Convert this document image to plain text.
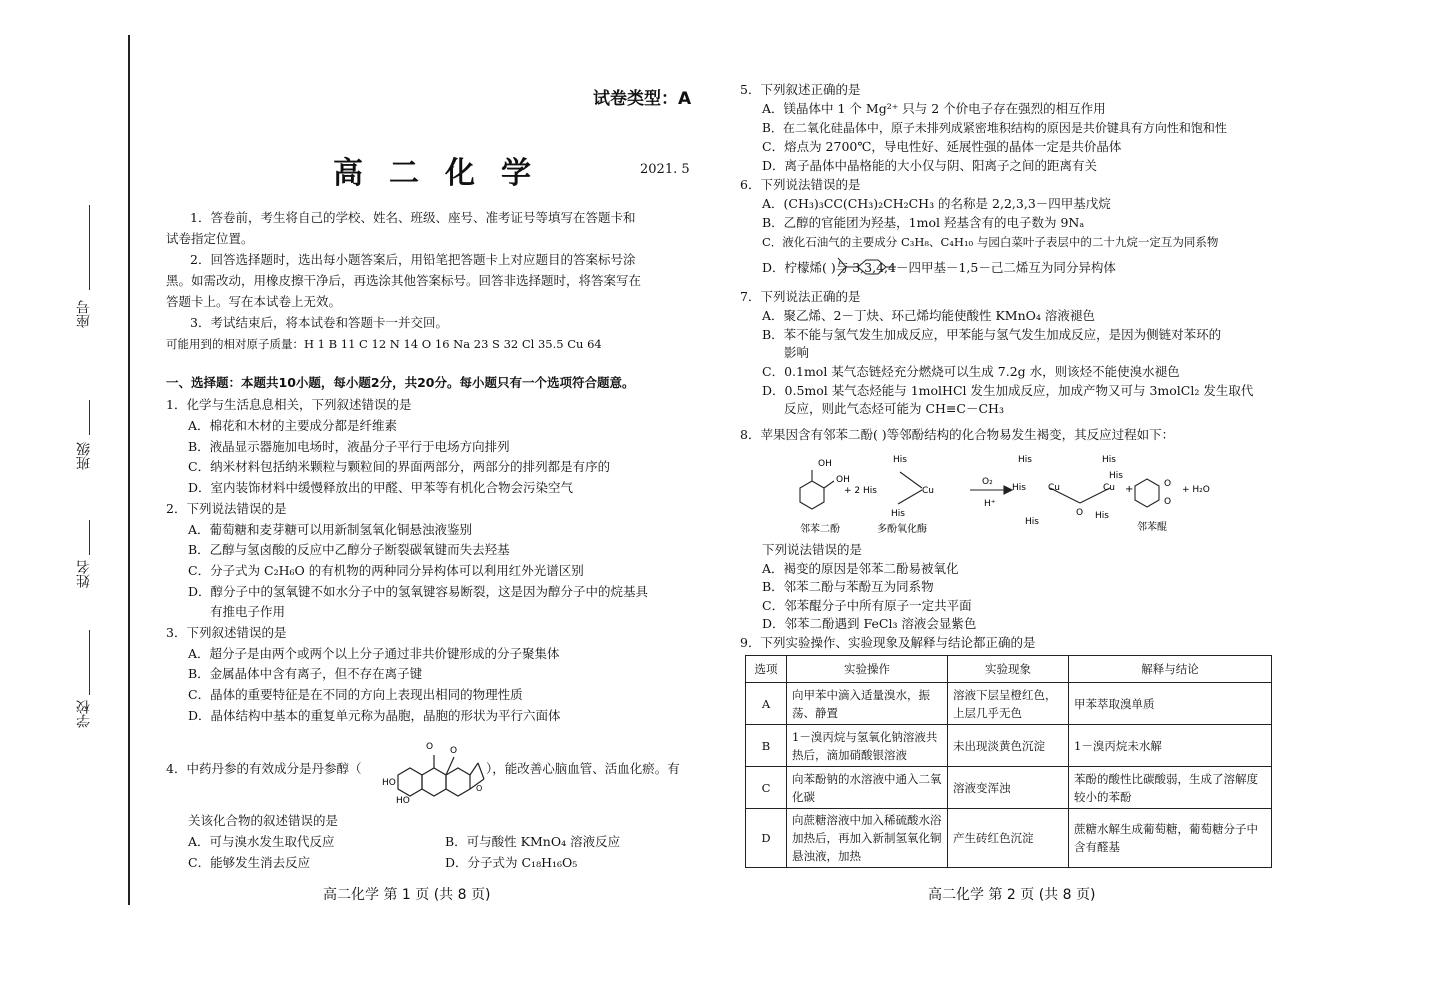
座号
班级
姓名
学校
试卷类型：A
高二化学	2021. 5
1．答卷前，考生将自己的学校、姓名、班级、座号、准考证号等填写在答题卡和
试卷指定位置。
2．回答选择题时，选出每小题答案后，用铅笔把答题卡上对应题目的答案标号涂
黑。如需改动，用橡皮擦干净后，再选涂其他答案标号。回答非选择题时，将答案写在
答题卡上。写在本试卷上无效。
3．考试结束后，将本试卷和答题卡一并交回。
可能用到的相对原子质量：H 1 B 11 C 12 N 14 O 16 Na 23 S 32 Cl 35.5 Cu 64
一、选择题：本题共10小题，每小题2分，共20分。每小题只有一个选项符合题意。
1．化学与生活息息相关，下列叙述错误的是
A．棉花和木材的主要成分都是纤维素
B．液晶显示器施加电场时，液晶分子平行于电场方向排列
C．纳米材料包括纳米颗粒与颗粒间的界面两部分，两部分的排列都是有序的
D．室内装饰材料中缓慢释放出的甲醛、甲苯等有机化合物会污染空气
2．下列说法错误的是
A．葡萄糖和麦芽糖可以用新制氢氧化铜悬浊液鉴别
B．乙醇与氢卤酸的反应中乙醇分子断裂碳氧键而失去羟基
C．分子式为 C₂H₆O 的有机物的两种同分异构体可以利用红外光谱区别
D．醇分子中的氢氧键不如水分子中的氢氧键容易断裂，这是因为醇分子中的烷基具
有推电子作用
3．下列叙述错误的是
A．超分子是由两个或两个以上分子通过非共价键形成的分子聚集体
B．金属晶体中含有离子，但不存在离子键
C．晶体的重要特征是在不同的方向上表现出相同的物理性质
D．晶体结构中基本的重复单元称为晶胞，晶胞的形状为平行六面体
4．中药丹参的有效成分是丹参醇（
O O
O
HO
HO
），能改善心脑血管、活血化瘀。有
关该化合物的叙述错误的是
A．可与溴水发生取代反应	B．可与酸性 KMnO₄ 溶液反应
C．能够发生消去反应	D．分子式为 C₁₈H₁₆O₅
5．下列叙述正确的是
A．镁晶体中 1 个 Mg²⁺ 只与 2 个价电子存在强烈的相互作用
B．在二氧化硅晶体中，原子未排列成紧密堆积结构的原因是共价键具有方向性和饱和性
C．熔点为 2700℃，导电性好、延展性强的晶体一定是共价晶体
D．离子晶体中晶格能的大小仅与阴、阳离子之间的距离有关
6．下列说法错误的是
A．(CH₃)₃CC(CH₃)₂CH₂CH₃ 的名称是 2,2,3,3－四甲基戊烷
B．乙醇的官能团为羟基，1mol 羟基含有的电子数为 9Nₐ
C．液化石油气的主要成分 C₃H₈、C₄H₁₀ 与园白菜叶子表层中的二十九烷一定互为同系物
D．柠檬烯( )与 3,3,4,4－四甲基－1,5－己二烯互为同分异构体
7．下列说法正确的是
A．聚乙烯、2－丁炔、环己烯均能使酸性 KMnO₄ 溶液褪色
B．苯不能与氢气发生加成反应，甲苯能与氢气发生加成反应，是因为侧链对苯环的
影响
C．0.1mol 某气态链烃充分燃烧可以生成 7.2g 水，则该烃不能使溴水褪色
D．0.5mol 某气态烃能与 1molHCl 发生加成反应，加成产物又可与 3molCl₂ 发生取代
反应，则此气态烃可能为 CH≡C－CH₃
8．苹果因含有邻苯二酚( )等邻酚结构的化合物易发生褐变，其反应过程如下：
OH
OH
+ 2 His
His
Cu
His
O₂
H⁺
His
His Cu
O
Cu
His
His
His
His
+	O
O
+ H₂O
邻苯二酚	多酚氧化酶	邻苯醌
下列说法错误的是
A．褐变的原因是邻苯二酚易被氧化
B．邻苯二酚与苯酚互为同系物
C．邻苯醌分子中所有原子一定共平面
D．邻苯二酚遇到 FeCl₃ 溶液会显紫色
9．下列实验操作、实验现象及解释与结论都正确的是
选项	实验操作	实验现象	解释与结论
A	向甲苯中滴入适量溴水，振荡、静置	溶液下层呈橙红色，上层几乎无色	甲苯萃取溴单质
B	1－溴丙烷与氢氧化钠溶液共热后，滴加硝酸银溶液	未出现淡黄色沉淀	1－溴丙烷未水解
C	向苯酚钠的水溶液中通入二氧化碳	溶液变浑浊	苯酚的酸性比碳酸弱，生成了溶解度较小的苯酚
D	向蔗糖溶液中加入稀硫酸水浴加热后，再加入新制氢氧化铜悬浊液，加热	产生砖红色沉淀	蔗糖水解生成葡萄糖，葡萄糖分子中含有醛基
高二化学 第 1 页 (共 8 页)	高二化学 第 2 页 (共 8 页)
